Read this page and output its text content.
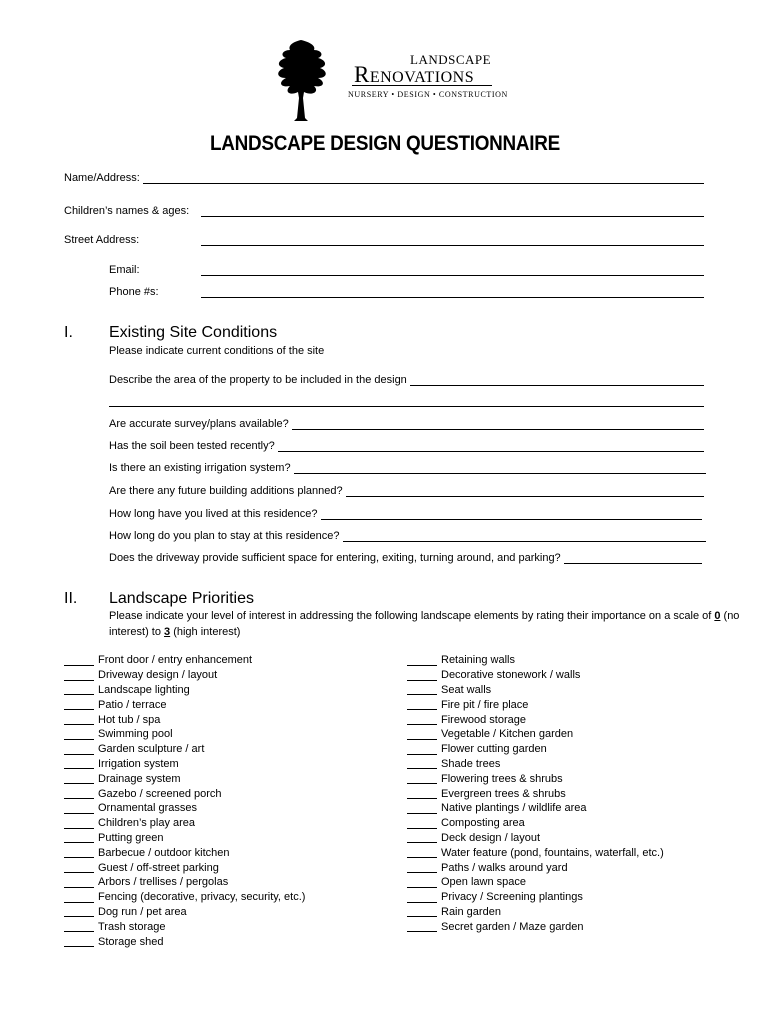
LANDSCAPE
Renovations
NURSERY • DESIGN • CONSTRUCTION
LANDSCAPE DESIGN QUESTIONNAIRE
Name/Address:
Children’s names & ages:
Street Address:
Email:
Phone #s:
I. Existing Site Conditions
Please indicate current conditions of the site
Describe the area of the property to be included in the design
Are accurate survey/plans available?
Has the soil been tested recently?
Is there an existing irrigation system?
Are there any future building additions planned?
How long have you lived at this residence?
How long do you plan to stay at this residence?
Does the driveway provide sufficient space for entering, exiting, turning around, and parking?
II. Landscape Priorities
Please indicate your level of interest in addressing the following landscape elements by rating their importance on a scale of 0 (no
interest) to 3 (high interest)
Front door / entry enhancement
Driveway design / layout
Landscape lighting
Patio / terrace
Hot tub / spa
Swimming pool
Garden sculpture / art
Irrigation system
Drainage system
Gazebo / screened porch
Ornamental grasses
Children’s play area
Putting green
Barbecue / outdoor kitchen
Guest / off-street parking
Arbors / trellises / pergolas
Fencing (decorative, privacy, security, etc.)
Dog run / pet area
Trash storage
Storage shed
Retaining walls
Decorative stonework / walls
Seat walls
Fire pit / fire place
Firewood storage
Vegetable / Kitchen garden
Flower cutting garden
Shade trees
Flowering trees & shrubs
Evergreen trees & shrubs
Native plantings / wildlife area
Composting area
Deck design / layout
Water feature (pond, fountains, waterfall, etc.)
Paths / walks around yard
Open lawn space
Privacy / Screening plantings
Rain garden
Secret garden / Maze garden
